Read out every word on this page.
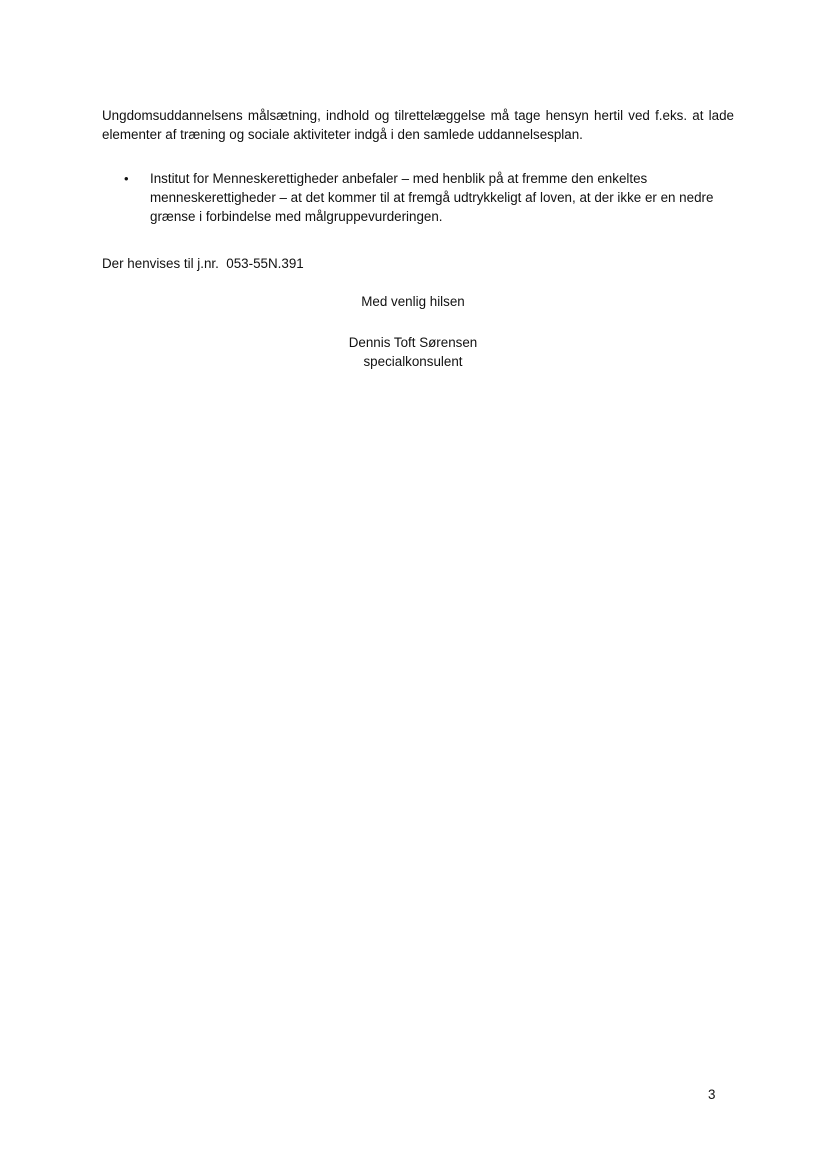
Ungdomsuddannelsens målsætning, indhold og tilrettelæggelse må tage hensyn hertil ved f.eks. at lade elementer af træning og sociale aktiviteter indgå i den samlede uddannelsesplan.

•	Institut for Menneskerettigheder anbefaler – med henblik på at fremme den enkeltes menneskerettigheder – at det kommer til at fremgå udtrykkeligt af loven, at der ikke er en nedre grænse i forbindelse med målgruppevurderingen.

Der henvises til j.nr.  053-55N.391

Med venlig hilsen

Dennis Toft Sørensen

specialkonsulent

3
